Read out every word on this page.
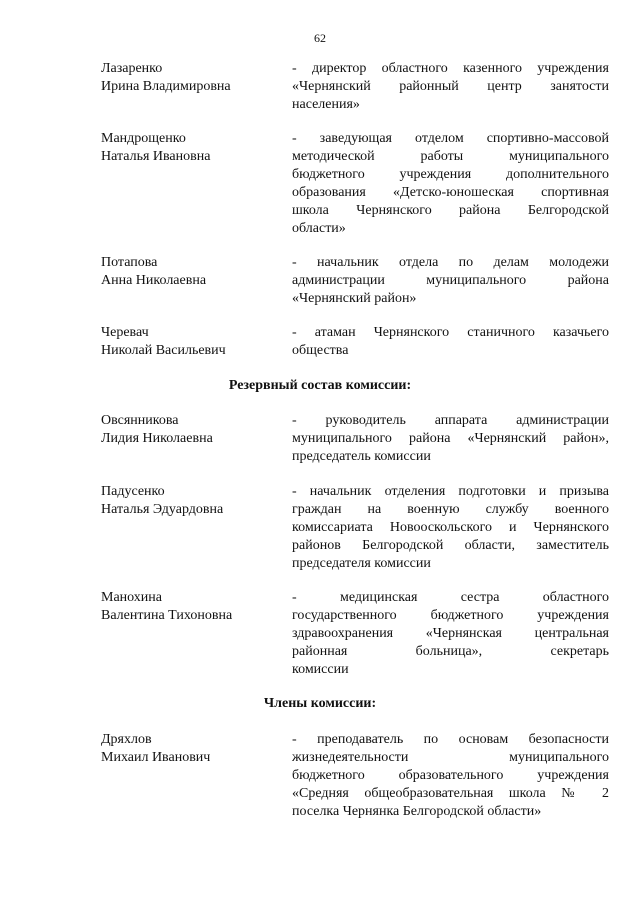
62
Лазаренко
Ирина Владимировна
- директор областного казенного учреждения
«Чернянский районный центр занятости
населения»
Мандрощенко
Наталья Ивановна
- заведующая отделом спортивно-массовой
методической работы муниципального
бюджетного учреждения дополнительного
образования «Детско-юношеская спортивная
школа Чернянского района Белгородской
области»
Потапова
Анна Николаевна
- начальник отдела по делам молодежи
администрации муниципального района
«Чернянский район»
Черевач
Николай Васильевич
- атаман Чернянского станичного казачьего
общества
Резервный состав комиссии:
Овсянникова
Лидия Николаевна
- руководитель аппарата администрации
муниципального района «Чернянский район»,
председатель комиссии
Падусенко
Наталья Эдуардовна
- начальник отделения подготовки и призыва
граждан на военную службу военного
комиссариата Новооскольского и Чернянского
районов Белгородской области, заместитель
председателя комиссии
Манохина
Валентина Тихоновна
- медицинская сестра областного
государственного бюджетного учреждения
здравоохранения «Чернянская центральная
районная больница», секретарь
комиссии
Члены комиссии:
Дряхлов
Михаил Иванович
- преподаватель по основам безопасности
жизнедеятельности муниципального
бюджетного образовательного учреждения
«Средняя общеобразовательная школа № 2
поселка Чернянка Белгородской области»
